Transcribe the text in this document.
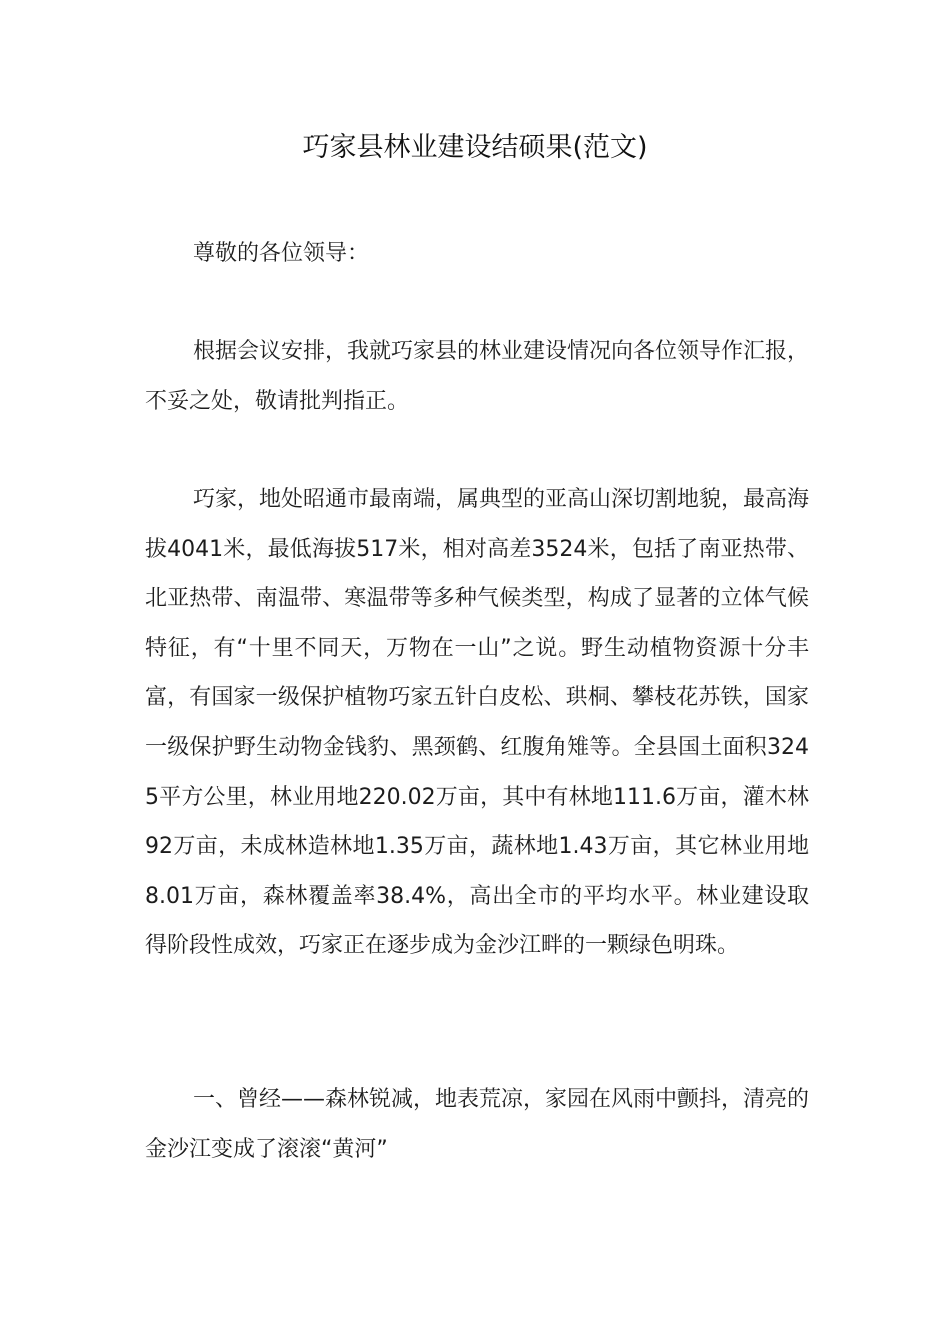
巧家县林业建设结硕果(范文)

尊敬的各位领导：

根据会议安排，我就巧家县的林业建设情况向各位领导作汇报，不妥之处，敬请批判指正。

巧家，地处昭通市最南端，属典型的亚高山深切割地貌，最高海拔4041米，最低海拔517米，相对高差3524米，包括了南亚热带、北亚热带、南温带、寒温带等多种气候类型，构成了显著的立体气候特征，有“十里不同天，万物在一山”之说。野生动植物资源十分丰富，有国家一级保护植物巧家五针白皮松、珙桐、攀枝花苏铁，国家一级保护野生动物金钱豹、黑颈鹤、红腹角雉等。全县国土面积3245平方公里，林业用地220.02万亩，其中有林地111.6万亩，灌木林92万亩，未成林造林地1.35万亩，蔬林地1.43万亩，其它林业用地8.01万亩，森林覆盖率38.4%，高出全市的平均水平。林业建设取得阶段性成效，巧家正在逐步成为金沙江畔的一颗绿色明珠。

一、曾经——森林锐减，地表荒凉，家园在风雨中颤抖，清亮的金沙江变成了滚滚“黄河”
